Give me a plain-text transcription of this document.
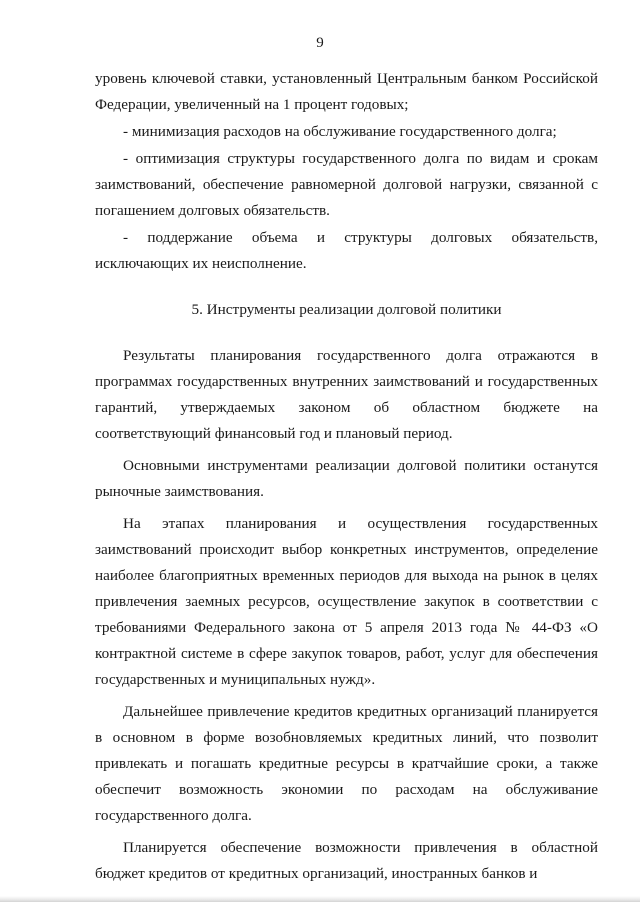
9

уровень ключевой ставки, установленный Центральным банком Российской Федерации, увеличенный на 1 процент годовых;

- минимизация расходов на обслуживание государственного долга;

- оптимизация структуры государственного долга по видам и срокам заимствований, обеспечение равномерной долговой нагрузки, связанной с погашением долговых обязательств.

- поддержание объема и структуры долговых обязательств, исключающих их неисполнение.

5. Инструменты реализации долговой политики

Результаты планирования государственного долга отражаются в программах государственных внутренних заимствований и государственных гарантий, утверждаемых законом об областном бюджете на соответствующий финансовый год и плановый период.

Основными инструментами реализации долговой политики останутся рыночные заимствования.

На этапах планирования и осуществления государственных заимствований происходит выбор конкретных инструментов, определение наиболее благоприятных временных периодов для выхода на рынок в целях привлечения заемных ресурсов, осуществление закупок в соответствии с требованиями Федерального закона от 5 апреля 2013 года № 44-ФЗ «О контрактной системе в сфере закупок товаров, работ, услуг для обеспечения государственных и муниципальных нужд».

Дальнейшее привлечение кредитов кредитных организаций планируется в основном в форме возобновляемых кредитных линий, что позволит привлекать и погашать кредитные ресурсы в кратчайшие сроки, а также обеспечит возможность экономии по расходам на обслуживание государственного долга.

Планируется обеспечение возможности привлечения в областной бюджет кредитов от кредитных организаций, иностранных банков и
